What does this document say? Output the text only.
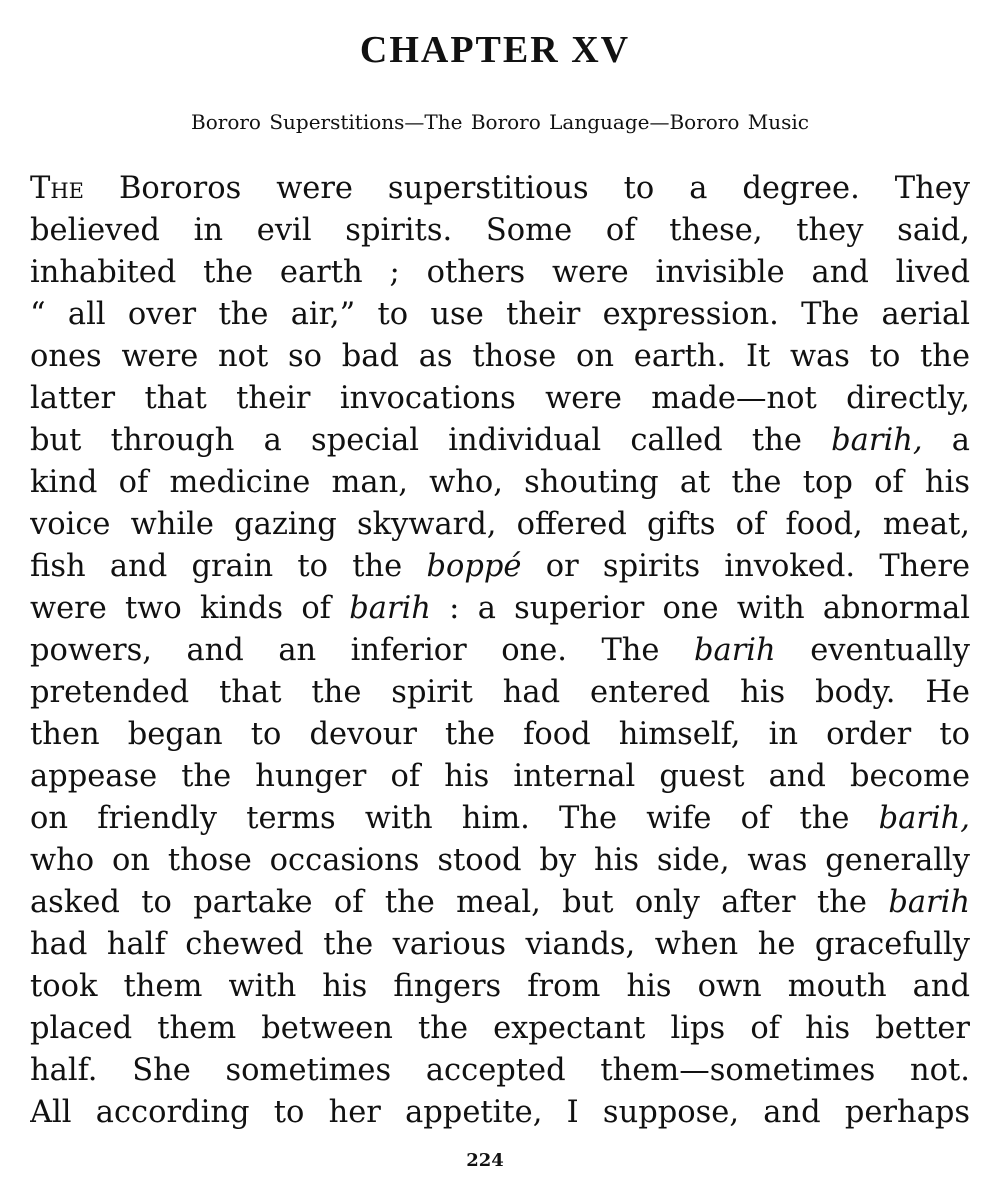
CHAPTER XV
Bororo Superstitions—The Bororo Language—Bororo Music
The Bororos were superstitious to a degree. They
believed in evil spirits. Some of these, they said,
inhabited the earth ; others were invisible and lived
“ all over the air,” to use their expression. The aerial
ones were not so bad as those on earth. It was to the
latter that their invocations were made—not directly,
but through a special individual called the barih, a
kind of medicine man, who, shouting at the top of his
voice while gazing skyward, offered gifts of food, meat,
fish and grain to the boppé or spirits invoked. There
were two kinds of barih : a superior one with abnormal
powers, and an inferior one. The barih eventually
pretended that the spirit had entered his body. He
then began to devour the food himself, in order to
appease the hunger of his internal guest and become
on friendly terms with him. The wife of the barih,
who on those occasions stood by his side, was generally
asked to partake of the meal, but only after the barih
had half chewed the various viands, when he gracefully
took them with his fingers from his own mouth and
placed them between the expectant lips of his better
half. She sometimes accepted them—sometimes not.
All according to her appetite, I suppose, and perhaps
224
